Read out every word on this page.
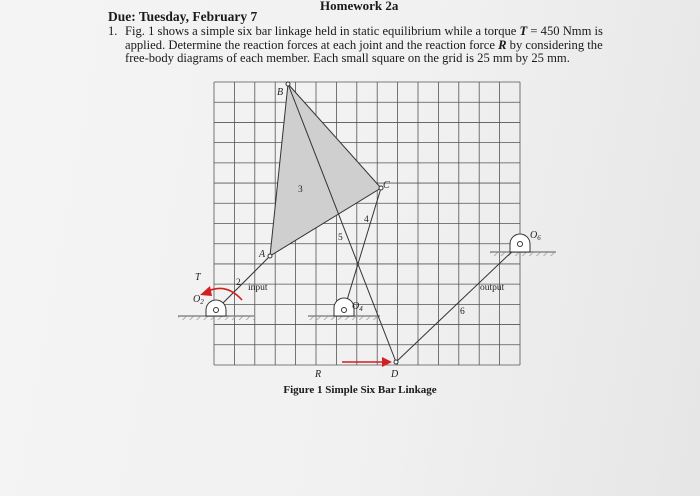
Homework 2a
Due: Tuesday, February 7
1. Fig. 1 shows a simple six bar linkage held in static equilibrium while a torque T = 450 Nmm is applied. Determine the reaction forces at each joint and the reaction force R by considering the free-body diagrams of each member. Each small square on the grid is 25 mm by 25 mm.
B
C
A
D
T
R
$O_2$	$O_4$
$O_6$
2
3
4
5
6
input	output
Figure 1 Simple Six Bar Linkage
